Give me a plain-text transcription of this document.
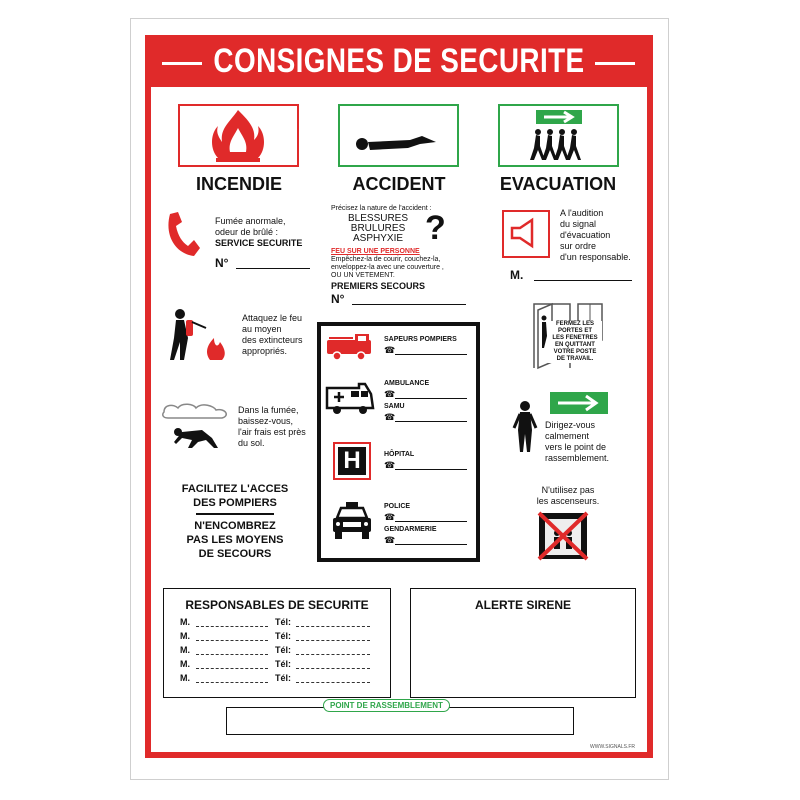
CONSIGNES DE SECURITE
INCENDIE	ACCIDENT	EVACUATION
Fumée anormale,
odeur de brûlé :
SERVICE SECURITE
N°
Attaquez le feu
au moyen
des extincteurs
appropriés.
Dans la fumée,
baissez-vous,
l'air frais est près
du sol.
FACILITEZ L'ACCES
DES POMPIERS
N'ENCOMBREZ
PAS LES MOYENS
DE SECOURS
Précisez la nature de l'accident :
BLESSURES
BRULURES
ASPHYXIE ?
FEU SUR UNE PERSONNE
Empêchez-la de courir, couchez-la,
enveloppez-la avec une couverture ,
OU UN VETEMENT.
PREMIERS SECOURS
N°
SAPEURS POMPIERS
☎
AMBULANCE
☎
SAMU
☎
H	HÔPITAL
☎
POLICE
☎
GENDARMERIE
☎
A l'audition
du signal
d'évacuation
sur ordre
d'un responsable.
M.
FERMEZ LES
PORTES ET
LES FENETRES
EN QUITTANT
VOTRE POSTE
DE TRAVAIL.
Dirigez-vous
calmement
vers le point de
rassemblement.
N'utilisez pas
les ascenseurs.
RESPONSABLES DE SECURITE
M.	Tél:
M.	Tél:
M.	Tél:
M.	Tél:
M.	Tél:
ALERTE SIRENE
POINT DE RASSEMBLEMENT
WWW.SIGNALS.FR
